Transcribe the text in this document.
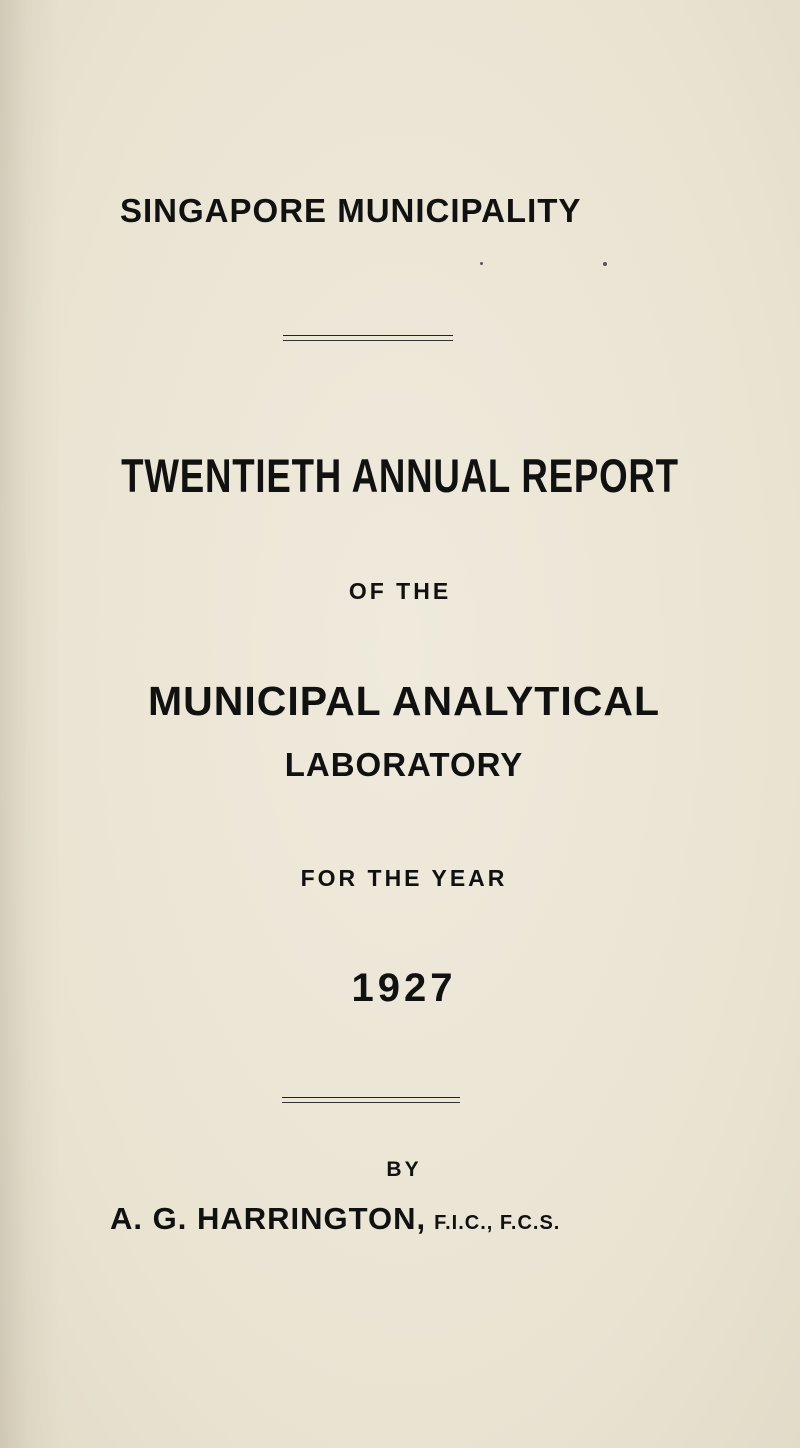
SINGAPORE MUNICIPALITY
TWENTIETH ANNUAL REPORT
OF THE
MUNICIPAL ANALYTICAL
LABORATORY
FOR THE YEAR
1927
BY
A. G. HARRINGTON, F.I.C., F.C.S.
